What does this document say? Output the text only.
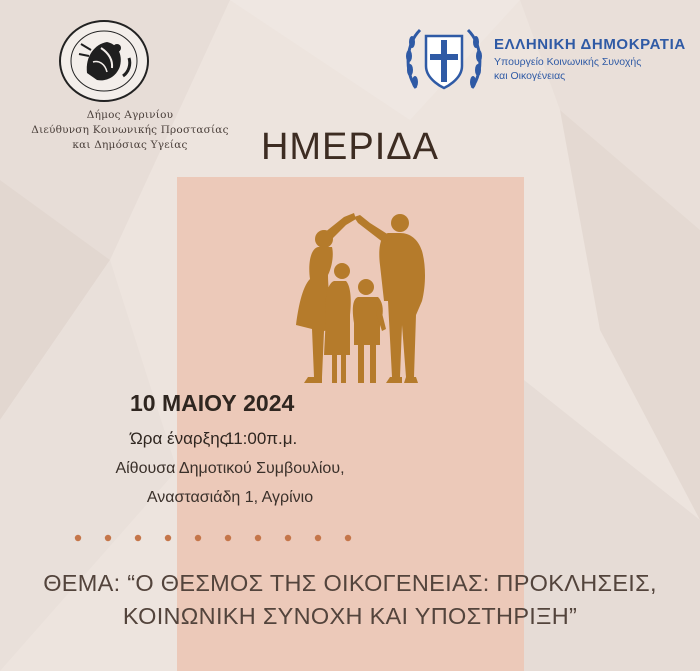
Δήμος Αγρινίου
Διεύθυνση Κοινωνικής Προστασίας
και Δημόσιας Υγείας
ΕΛΛΗΝΙΚΗ ΔΗΜΟΚΡΑΤΙΑ
Υπουργείο Κοινωνικής Συνοχής
και Οικογένειας
ΗΜΕΡΙΔΑ
10 ΜΑΙΟΥ 2024
Ώρα έναρξης:
11:00π.μ.
Αίθουσα Δημοτικού Συμβουλίου,
Αναστασιάδη 1, Αγρίνιο
ΘΕΜΑ: “Ο ΘΕΣΜΟΣ ΤΗΣ ΟΙΚΟΓΕΝΕΙΑΣ: ΠΡΟΚΛΗΣΕΙΣ,
ΚΟΙΝΩΝΙΚΗ ΣΥΝΟΧΗ ΚΑΙ ΥΠΟΣΤΗΡΙΞΗ”
